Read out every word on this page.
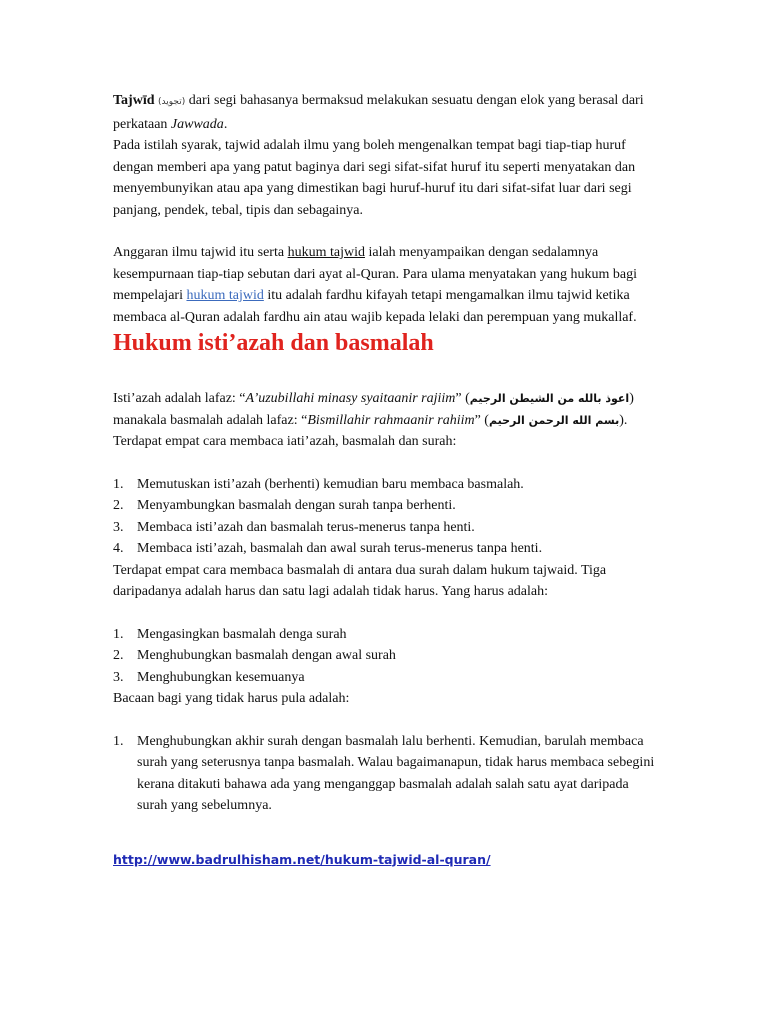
Tajwīd (تجويد) dari segi bahasanya bermaksud melakukan sesuatu dengan elok yang berasal dari perkataan Jawwada.

Pada istilah syarak, tajwid adalah ilmu yang boleh mengenalkan tempat bagi tiap-tiap huruf dengan memberi apa yang patut baginya dari segi sifat-sifat huruf itu seperti menyatakan dan menyembunyikan atau apa yang dimestikan bagi huruf-huruf itu dari sifat-sifat luar dari segi panjang, pendek, tebal, tipis dan sebagainya.

Anggaran ilmu tajwid itu serta hukum tajwid ialah menyampaikan dengan sedalamnya kesempurnaan tiap-tiap sebutan dari ayat al-Quran. Para ulama menyatakan yang hukum bagi mempelajari hukum tajwid itu adalah fardhu kifayah tetapi mengamalkan ilmu tajwid ketika membaca al-Quran adalah fardhu ain atau wajib kepada lelaki dan perempuan yang mukallaf.

Hukum isti’azah dan basmalah

Isti’azah adalah lafaz: “A’uzubillahi minasy syaitaanir rajiim” (اعوذ بالله من الشيطن الرجيم)

manakala basmalah adalah lafaz: “Bismillahir rahmaanir rahiim” (بسم الله الرحمن الرحيم).

Terdapat empat cara membaca iati’azah, basmalah dan surah:

1. Memutuskan isti’azah (berhenti) kemudian baru membaca basmalah.
2. Menyambungkan basmalah dengan surah tanpa berhenti.
3. Membaca isti’azah dan basmalah terus-menerus tanpa henti.
4. Membaca isti’azah, basmalah dan awal surah terus-menerus tanpa henti.

Terdapat empat cara membaca basmalah di antara dua surah dalam hukum tajwaid. Tiga daripadanya adalah harus dan satu lagi adalah tidak harus. Yang harus adalah:

1. Mengasingkan basmalah denga surah
2. Menghubungkan basmalah dengan awal surah
3. Menghubungkan kesemuanya

Bacaan bagi yang tidak harus pula adalah:

1. Menghubungkan akhir surah dengan basmalah lalu berhenti. Kemudian, barulah membaca surah yang seterusnya tanpa basmalah. Walau bagaimanapun, tidak harus membaca sebegini kerana ditakuti bahawa ada yang menganggap basmalah adalah salah satu ayat daripada surah yang sebelumnya.

http://www.badrulhisham.net/hukum-tajwid-al-quran/
